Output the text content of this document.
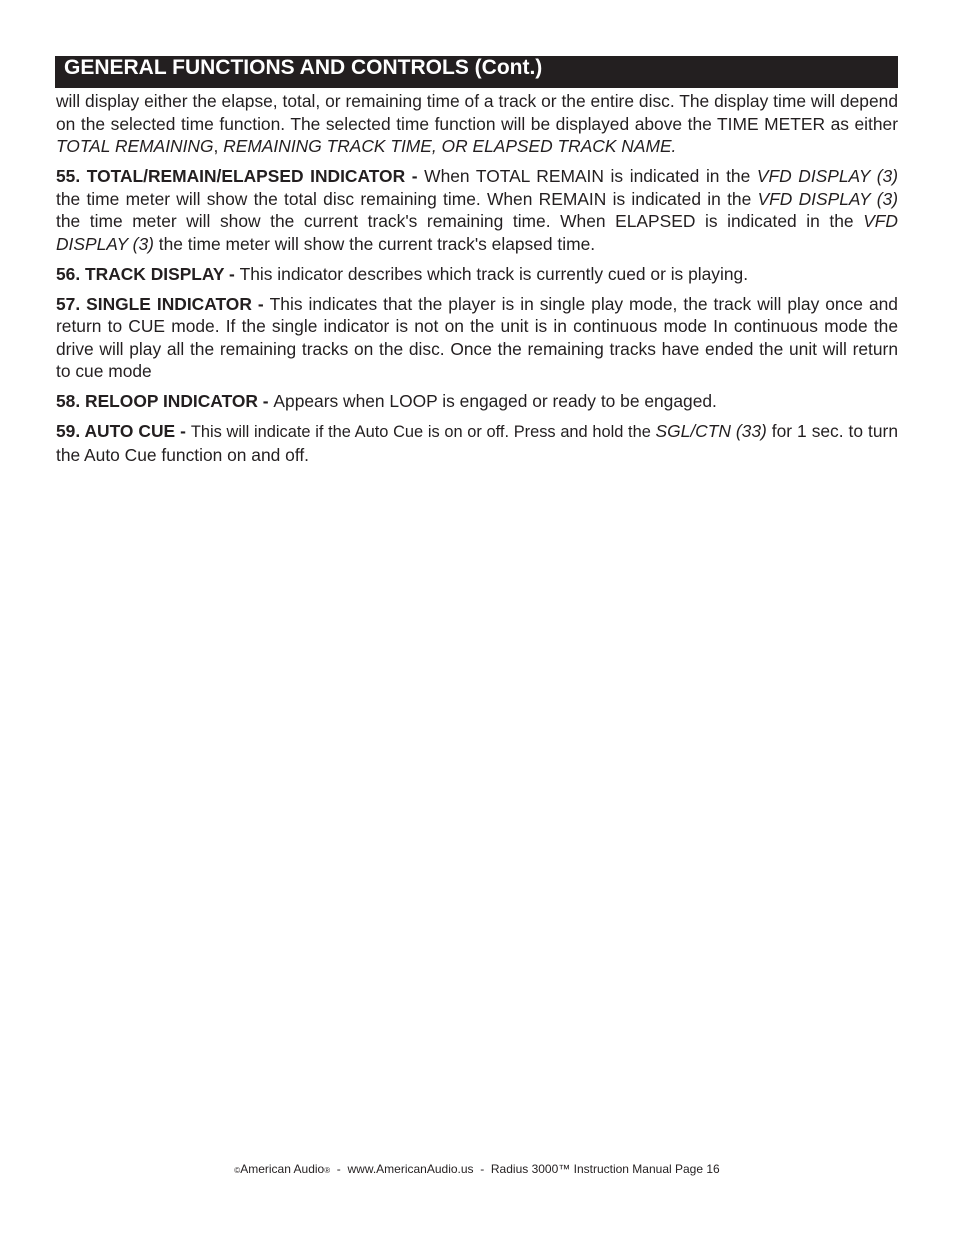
GENERAL FUNCTIONS AND CONTROLS (Cont.)

will display either the elapse, total, or remaining time of a track or the entire disc. The display time will depend on the selected time function. The selected time function will be displayed above the TIME METER as either TOTAL REMAINING, REMAINING TRACK TIME, OR ELAPSED TRACK NAME.

55. TOTAL/REMAIN/ELAPSED INDICATOR - When TOTAL REMAIN is indicated in the VFD DISPLAY (3) the time meter will show the total disc remaining time. When REMAIN is indicated in the VFD DISPLAY (3) the time meter will show the current track's remaining time. When ELAPSED is indicated in the VFD DISPLAY (3) the time meter will show the current track's elapsed time.

56. TRACK DISPLAY - This indicator describes which track is currently cued or is playing.

57. SINGLE INDICATOR - This indicates that the player is in single play mode, the track will play once and return to CUE mode. If the single indicator is not on the unit is in continuous mode In continuous mode the drive will play all the remaining tracks on the disc. Once the remaining tracks have ended the unit will return to cue mode

58. RELOOP INDICATOR - Appears when LOOP is engaged or ready to be engaged.

59. AUTO CUE - This will indicate if the Auto Cue is on or off. Press and hold the SGL/CTN (33) for 1 sec. to turn the Auto Cue function on and off.

©American Audio®  -  www.AmericanAudio.us  -  Radius 3000™ Instruction Manual Page 16
